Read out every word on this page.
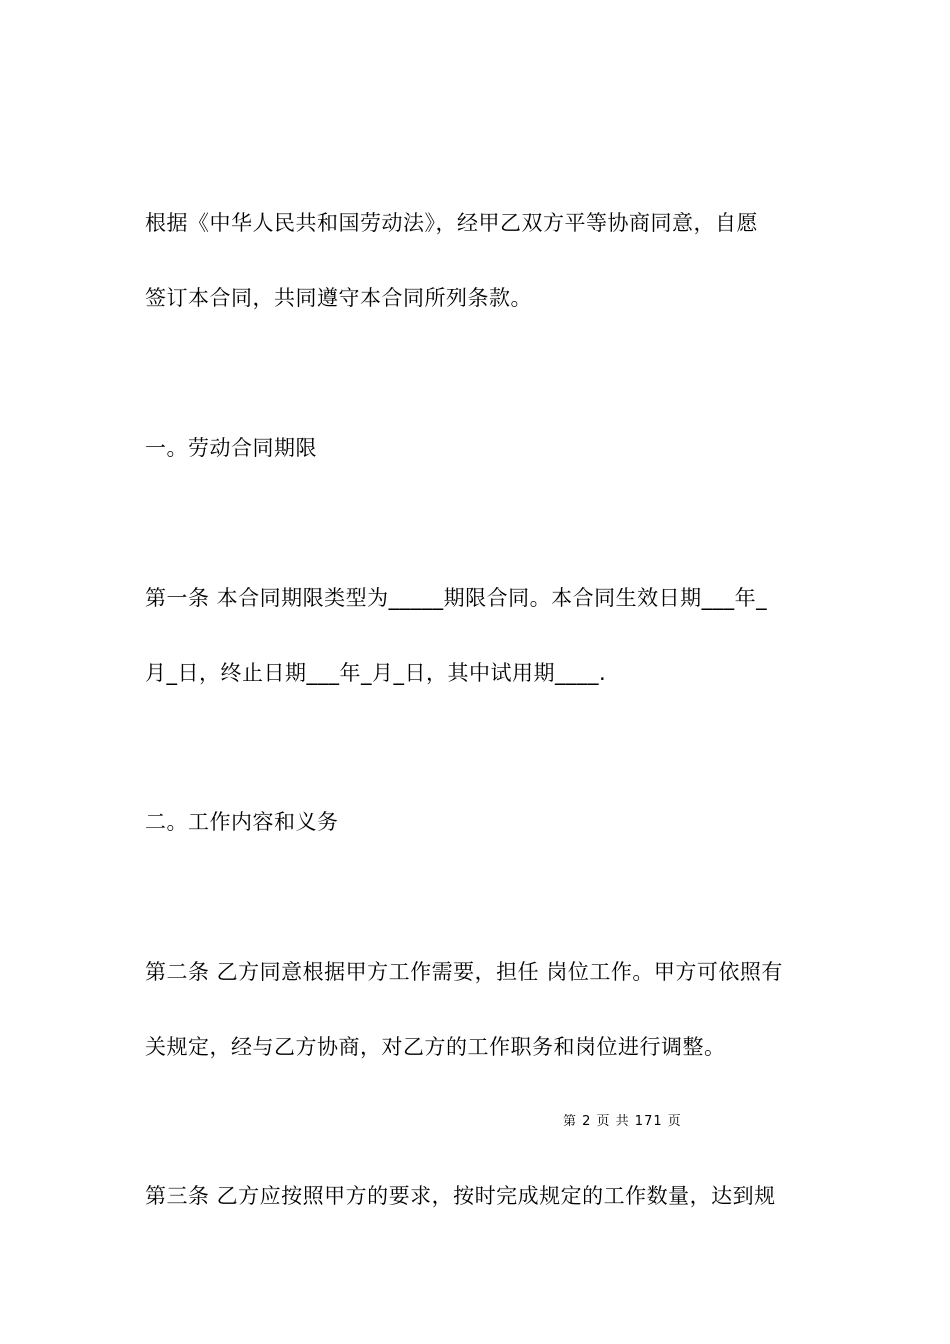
根据《中华人民共和国劳动法》，经甲乙双方平等协商同意，自愿
签订本合同，共同遵守本合同所列条款。
一。劳动合同期限
第一条 本合同期限类型为_____期限合同。本合同生效日期___年_
月_日，终止日期___年_月_日，其中试用期____.
二。工作内容和义务
第二条 乙方同意根据甲方工作需要，担任 岗位工作。甲方可依照有
关规定，经与乙方协商，对乙方的工作职务和岗位进行调整。
第 2 页 共 171 页
第三条 乙方应按照甲方的要求，按时完成规定的工作数量，达到规
